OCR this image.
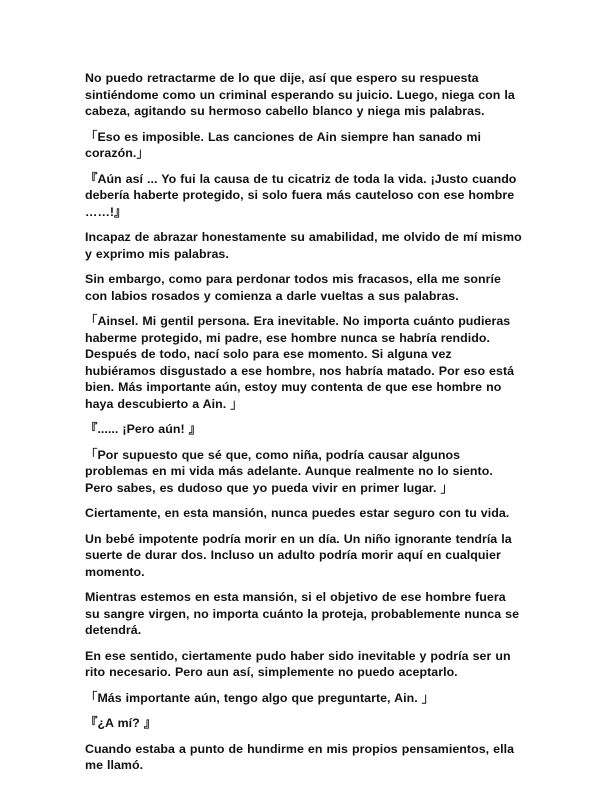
No puedo retractarme de lo que dije, así que espero su respuesta sintiéndome como un criminal esperando su juicio. Luego, niega con la cabeza, agitando su hermoso cabello blanco y niega mis palabras.

「Eso es imposible. Las canciones de Ain siempre han sanado mi corazón.」

『Aún así ... Yo fui la causa de tu cicatriz de toda la vida. ¡Justo cuando debería haberte protegido, si solo fuera más cauteloso con ese hombre ……!』

Incapaz de abrazar honestamente su amabilidad, me olvido de mí mismo y exprimo mis palabras.

Sin embargo, como para perdonar todos mis fracasos, ella me sonríe con labios rosados y comienza a darle vueltas a sus palabras.

「Ainsel. Mi gentil persona. Era inevitable. No importa cuánto pudieras haberme protegido, mi padre, ese hombre nunca se habría rendido. Después de todo, nací solo para ese momento. Si alguna vez hubiéramos disgustado a ese hombre, nos habría matado. Por eso está bien. Más importante aún, estoy muy contenta de que ese hombre no haya descubierto a Ain. 」

『...... ¡Pero aún! 』

「Por supuesto que sé que, como niña, podría causar algunos problemas en mi vida más adelante. Aunque realmente no lo siento. Pero sabes, es dudoso que yo pueda vivir en primer lugar. 」

Ciertamente, en esta mansión, nunca puedes estar seguro con tu vida.

Un bebé impotente podría morir en un día. Un niño ignorante tendría la suerte de durar dos. Incluso un adulto podría morir aquí en cualquier momento.

Mientras estemos en esta mansión, si el objetivo de ese hombre fuera su sangre virgen, no importa cuánto la proteja, probablemente nunca se detendrá.

En ese sentido, ciertamente pudo haber sido inevitable y podría ser un rito necesario. Pero aun así, simplemente no puedo aceptarlo.

「Más importante aún, tengo algo que preguntarte, Ain. 」

『¿A mí? 』

Cuando estaba a punto de hundirme en mis propios pensamientos, ella me llamó.
